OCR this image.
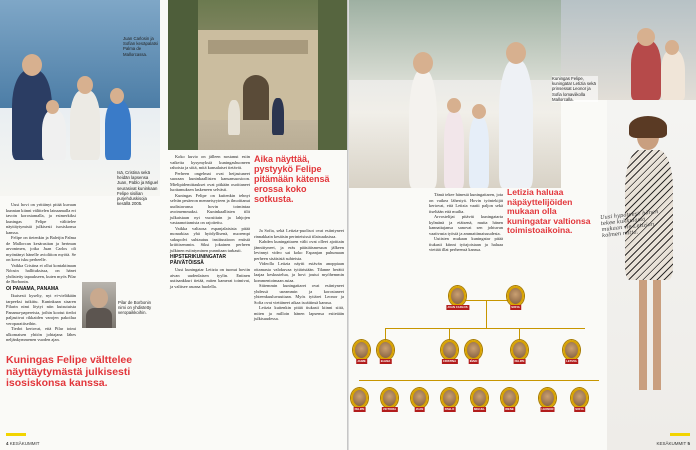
Juan Carlosin ja Sofian kesäpalatsi Palma de Mallorcassa.
Isä, Cristina sekä heidän lapsensa Juan, Pablo ja Miguel seurasivat kuninkaan Felipe sisilian purjehduskisoja kesällä 2005.

Uusi hovi on yrittänyt pitää kuvaan kunnian kiinni välittelen lainaamalla eri tavoin korostamalla, ja esimerkiksi kuningas Felipe välittelee näyttäytymistä julkisesti isosiskonsa kanssa.

Felipe on tietenkin ja Baleijin Palma de Mallorcan kesärasitan ja hertman arvonimen, jotka Juan Carlos oli myöntänyt hänelle avioliiton myötä. Se on kova isku perheelle.

Vaikka Cristina ei ollut kontaktinaan Nóosin hallituksissa, on hänet yhdistetty tapaukseen, kuten myös Pilar de Borbonin.

OI PANAMA, PANAMA

Ikuisesti kyselty, nyt ei-vieläkään tarpeeksi tutkittu. Kuninkaan sisaren Pilarin nimi löytyi niin kutsutuista Panama-papereista, joihin kootut tiedot paljastivat rikkaiden varojen pakoilua veroparatiiseihin.

Tiedot kertovat, että Pilar toimi ulkomaisen yhtiön johtajana lähes neljänkymmenen vuoden ajan.

Pilar de Borbonin nimi on yhdistetty veropaikkoihin.

Koko kuvio on jälleen nostanut esiin vaikeita kysymyksiä kuningashuoneen rahoista ja siitä, mitä kansalaiset tietävät.

Perheen ongelmat ovat heijastuneet suoraan kuninkaallisten kansansuosioon. Mielipidemittaukset ovat pitkään osoittaneet luottamuksen laskeneen selvästi.

Kuningas Felipe on kuitenkin tehnyt selvän pesäeron menneisyyteen ja ilmoittanut uudistavansa hovin toimintaa avoimemmaksi. Kuninkaallisten tilit julkaistaan nyt vuosittain ja lahjojen vastaanottamista on rajoitettu.

Vaikka valtaosa espanjalaisista pitää monarkiaa yhä hyödyllisenä, nuorempi sukupolvi suhtautuu instituutioon entistä kriittisemmin. Siksi jokainen perheen julkinen esiintyminen punnitaan tarkasti.

HIPSTERIKUNINGATAR PÄIVÄTÖISSÄ

Uusi kuningatar Letizia on tuonut hoviin aivan uudenlaisen tyylin. Entinen uutisankkuri tietää, miten kamerat toimivat, ja valitsee asunsa huolella.

Kuningas Felipe välttelee näyttäytymästä julkisesti isosiskonsa kanssa.
4 KESÄKUMMIT
Aika näyttää, pystyykö Felipe pitämään kätensä erossa koko sotkusta.

Ja Sofia, sekä Letizia-puolisot ovat esiintyneet rinnakkain kesäisin perinteisissä tilaisuuksissa.

Kahden kuningattaren välit ovat olleet ajoittain jännittyneet, ja eräs pääsiäismessun jälkeen levinnyt video sai koko Espanjan puhumaan perheen sisäisistä suhteista.

Videolla Letizia näytti estävän anoppiaan ottamasta valokuvaa tyttäristään. Tilanne herätti laajaa keskustelua, ja hovi joutui myöhemmin kommentoimaan asiaa.

Sittemmin kuningattaret ovat esiintyneet yhdessä useammin ja korostaneet yhteenkuuluvuuttaan. Myös tyttäret Leonor ja Sofia ovat viettäneet aikaa isoäitinsä kanssa.

Letizia kuitenkin pitää tiukasti kiinni siitä, miten ja milloin hänen lapsensa esitetään julkisuudessa.

Kuningas Felipe, kuningatar Letizia sekä prinsessat Leonor ja Sofia lomaviikolla Mallorcalla.

Tämä tekee hänestä kuningattaren, jota on vaikea lähestyä. Hovin työntekijät kertovat, että Letizia vaatii paljon sekä itseltään että muilta.

Arvostelijat pitävät kuningatarta kylmänä ja etäisenä, mutta hänen kannattajansa sanovat sen johtuvan vaativasta työstä ja ammattimaisuudesta.

Uutisten mukaan kuningatar pitää tiukasti kiinni työajoistaan ja haluaa viettää illat perheensä kanssa.

Letizia haluaa näpäyttelijöiden mukaan olla kuningatar valtionsa toimistoaikoina.
Uusi hypoteesi: hänen tekee kukkulasta mukaan vie Letizian kolmen mitta.
JUAN CARLOS	SOFIA
ELENA	CRISTINA	FELIPE	LETIZIA
JAIME	IÑAKI
FELIPE	VICTORIA	JUAN	PABLO	MIGUEL	IRENE	LEONOR	SOFIA
KESÄKUMMIT 5
